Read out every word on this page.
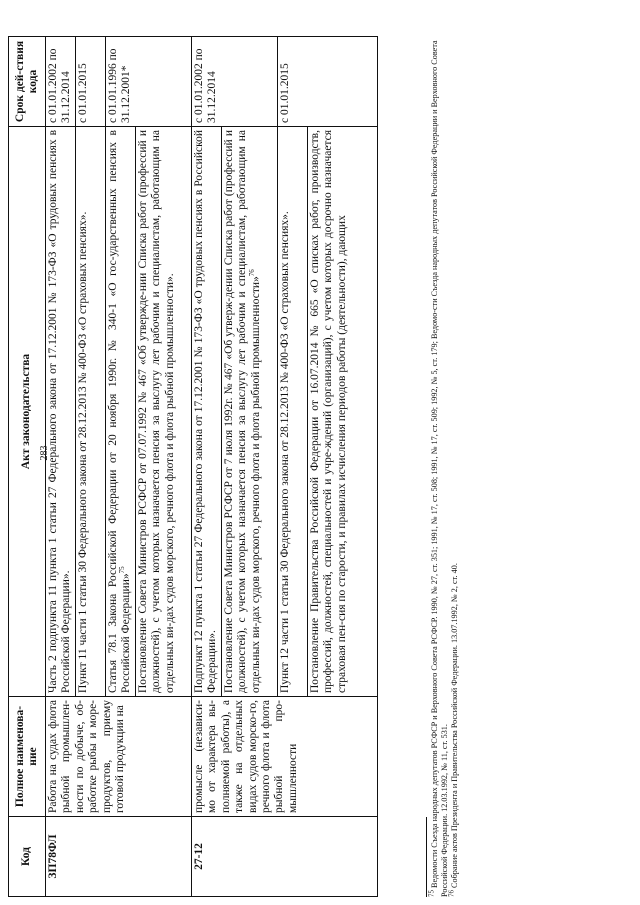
283
Код	Полное наименова-ние	Акт законодательства	Срок дей-ствия кода
ЗП78ФЛ	Работа на судах флота рыбной промышлен-ности по добыче, об-работке рыбы и море-продуктов, приему готовой продукции на	Часть 2 подпункта 11 пункта 1 статьи 27 Федерального закона от 17.12.2001 № 173-ФЗ «О трудовых пенсиях в Российской Федерации».	с 01.01.2002 по 31.12.2014
		Пункт 11 части 1 статьи 30 Федерального закона от 28.12.2013 № 400-ФЗ «О страховых пенсиях».	с 01.01.2015
		Статья 78.1 Закона Российской Федерации от 20 ноября 1990г. № 340-1 «О гос-ударственных пенсиях в Российской Федерации»$^{75}$	с 01.01.1996 по 31.12.2001*
		Постановление Совета Министров РСФСР от 07.07.1992 № 467 «Об утвержде-нии Списка работ (профессий и должностей), с учетом которых назначается пенсия за выслугу лет рабочим и специалистам, работающим на отдельных ви-дах судов морского, речного флота и флота рыбной промышленности».	
27-12	промысле (независи-мо от характера вы-полняемой работы), а также на отдельных видах судов морско-го, речного флота и флота рыбной про-мышленности	Подпункт 12 пункта 1 статьи 27 Федерального закона от 17.12.2001 № 173-ФЗ «О трудовых пенсиях в Российской Федерации».	с 01.01.2002 по 31.12.2014
		Постановление Совета Министров РСФСР от 7 июля 1992г. № 467 «Об утверж-дении Списка работ (профессий и должностей), с учетом которых назначается пенсия за выслугу лет рабочим и специалистам, работающим на отдельных ви-дах судов морского, речного флота и флота рыбной промышленности»$^{76}$
		Пункт 12 части 1 статьи 30 Федерального закона от 28.12.2013 № 400-ФЗ «О страховых пенсиях».	с 01.01.2015
		Постановление Правительства Российской Федерации от 16.07.2014 № 665 «О списках работ, производств, профессий, должностей, специальностей и учре-ждений (организаций), с учетом которых досрочно назначается страховая пен-сия по старости, и правилах исчисления периодов работы (деятельности), дающих	
$^{75}$ Ведомости Съезда народных депутатов РСФСР и Верховного Совета РСФСР. 1990, № 27, ст. 351; 1991, № 17, ст. 508; 1991, № 17, ст. 509; 1992, № 5, ст. 179; Ведомо-сти Съезда народных депутатов Российской Федерации и Верховного Совета Российской Федерации. 12.03.1992, № 11, ст. 531.
$^{76}$ Собрание актов Президента и Правительства Российской Федерации. 13.07.1992, № 2, ст. 40.
